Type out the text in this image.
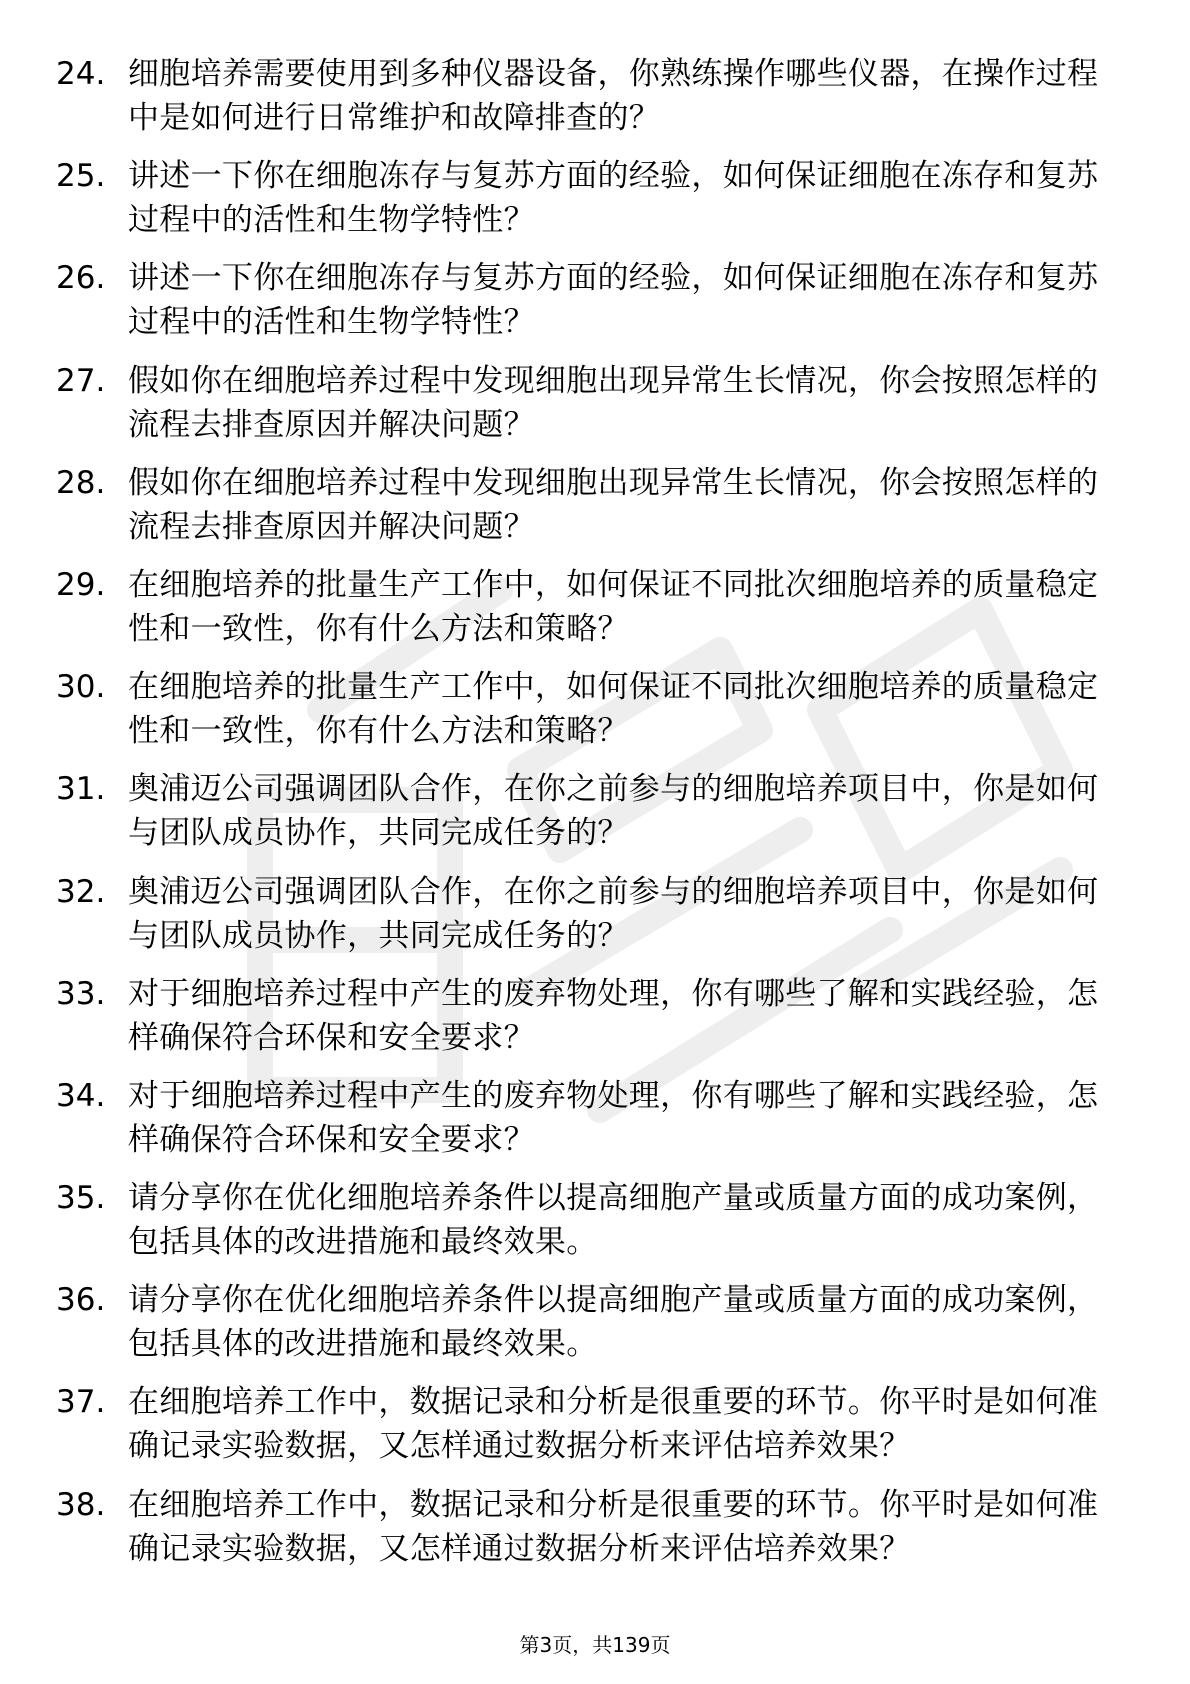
24. 细胞培养需要使用到多种仪器设备，你熟练操作哪些仪器，在操作过程中是如何进行日常维护和故障排查的？
25. 讲述一下你在细胞冻存与复苏方面的经验，如何保证细胞在冻存和复苏过程中的活性和生物学特性？
26. 讲述一下你在细胞冻存与复苏方面的经验，如何保证细胞在冻存和复苏过程中的活性和生物学特性？
27. 假如你在细胞培养过程中发现细胞出现异常生长情况，你会按照怎样的流程去排查原因并解决问题？
28. 假如你在细胞培养过程中发现细胞出现异常生长情况，你会按照怎样的流程去排查原因并解决问题？
29. 在细胞培养的批量生产工作中，如何保证不同批次细胞培养的质量稳定性和一致性，你有什么方法和策略？
30. 在细胞培养的批量生产工作中，如何保证不同批次细胞培养的质量稳定性和一致性，你有什么方法和策略？
31. 奥浦迈公司强调团队合作，在你之前参与的细胞培养项目中，你是如何与团队成员协作，共同完成任务的？
32. 奥浦迈公司强调团队合作，在你之前参与的细胞培养项目中，你是如何与团队成员协作，共同完成任务的？
33. 对于细胞培养过程中产生的废弃物处理，你有哪些了解和实践经验，怎样确保符合环保和安全要求？
34. 对于细胞培养过程中产生的废弃物处理，你有哪些了解和实践经验，怎样确保符合环保和安全要求？
35. 请分享你在优化细胞培养条件以提高细胞产量或质量方面的成功案例，包括具体的改进措施和最终效果。
36. 请分享你在优化细胞培养条件以提高细胞产量或质量方面的成功案例，包括具体的改进措施和最终效果。
37. 在细胞培养工作中，数据记录和分析是很重要的环节。你平时是如何准确记录实验数据，又怎样通过数据分析来评估培养效果？
38. 在细胞培养工作中，数据记录和分析是很重要的环节。你平时是如何准确记录实验数据，又怎样通过数据分析来评估培养效果？
第3页，共139页
